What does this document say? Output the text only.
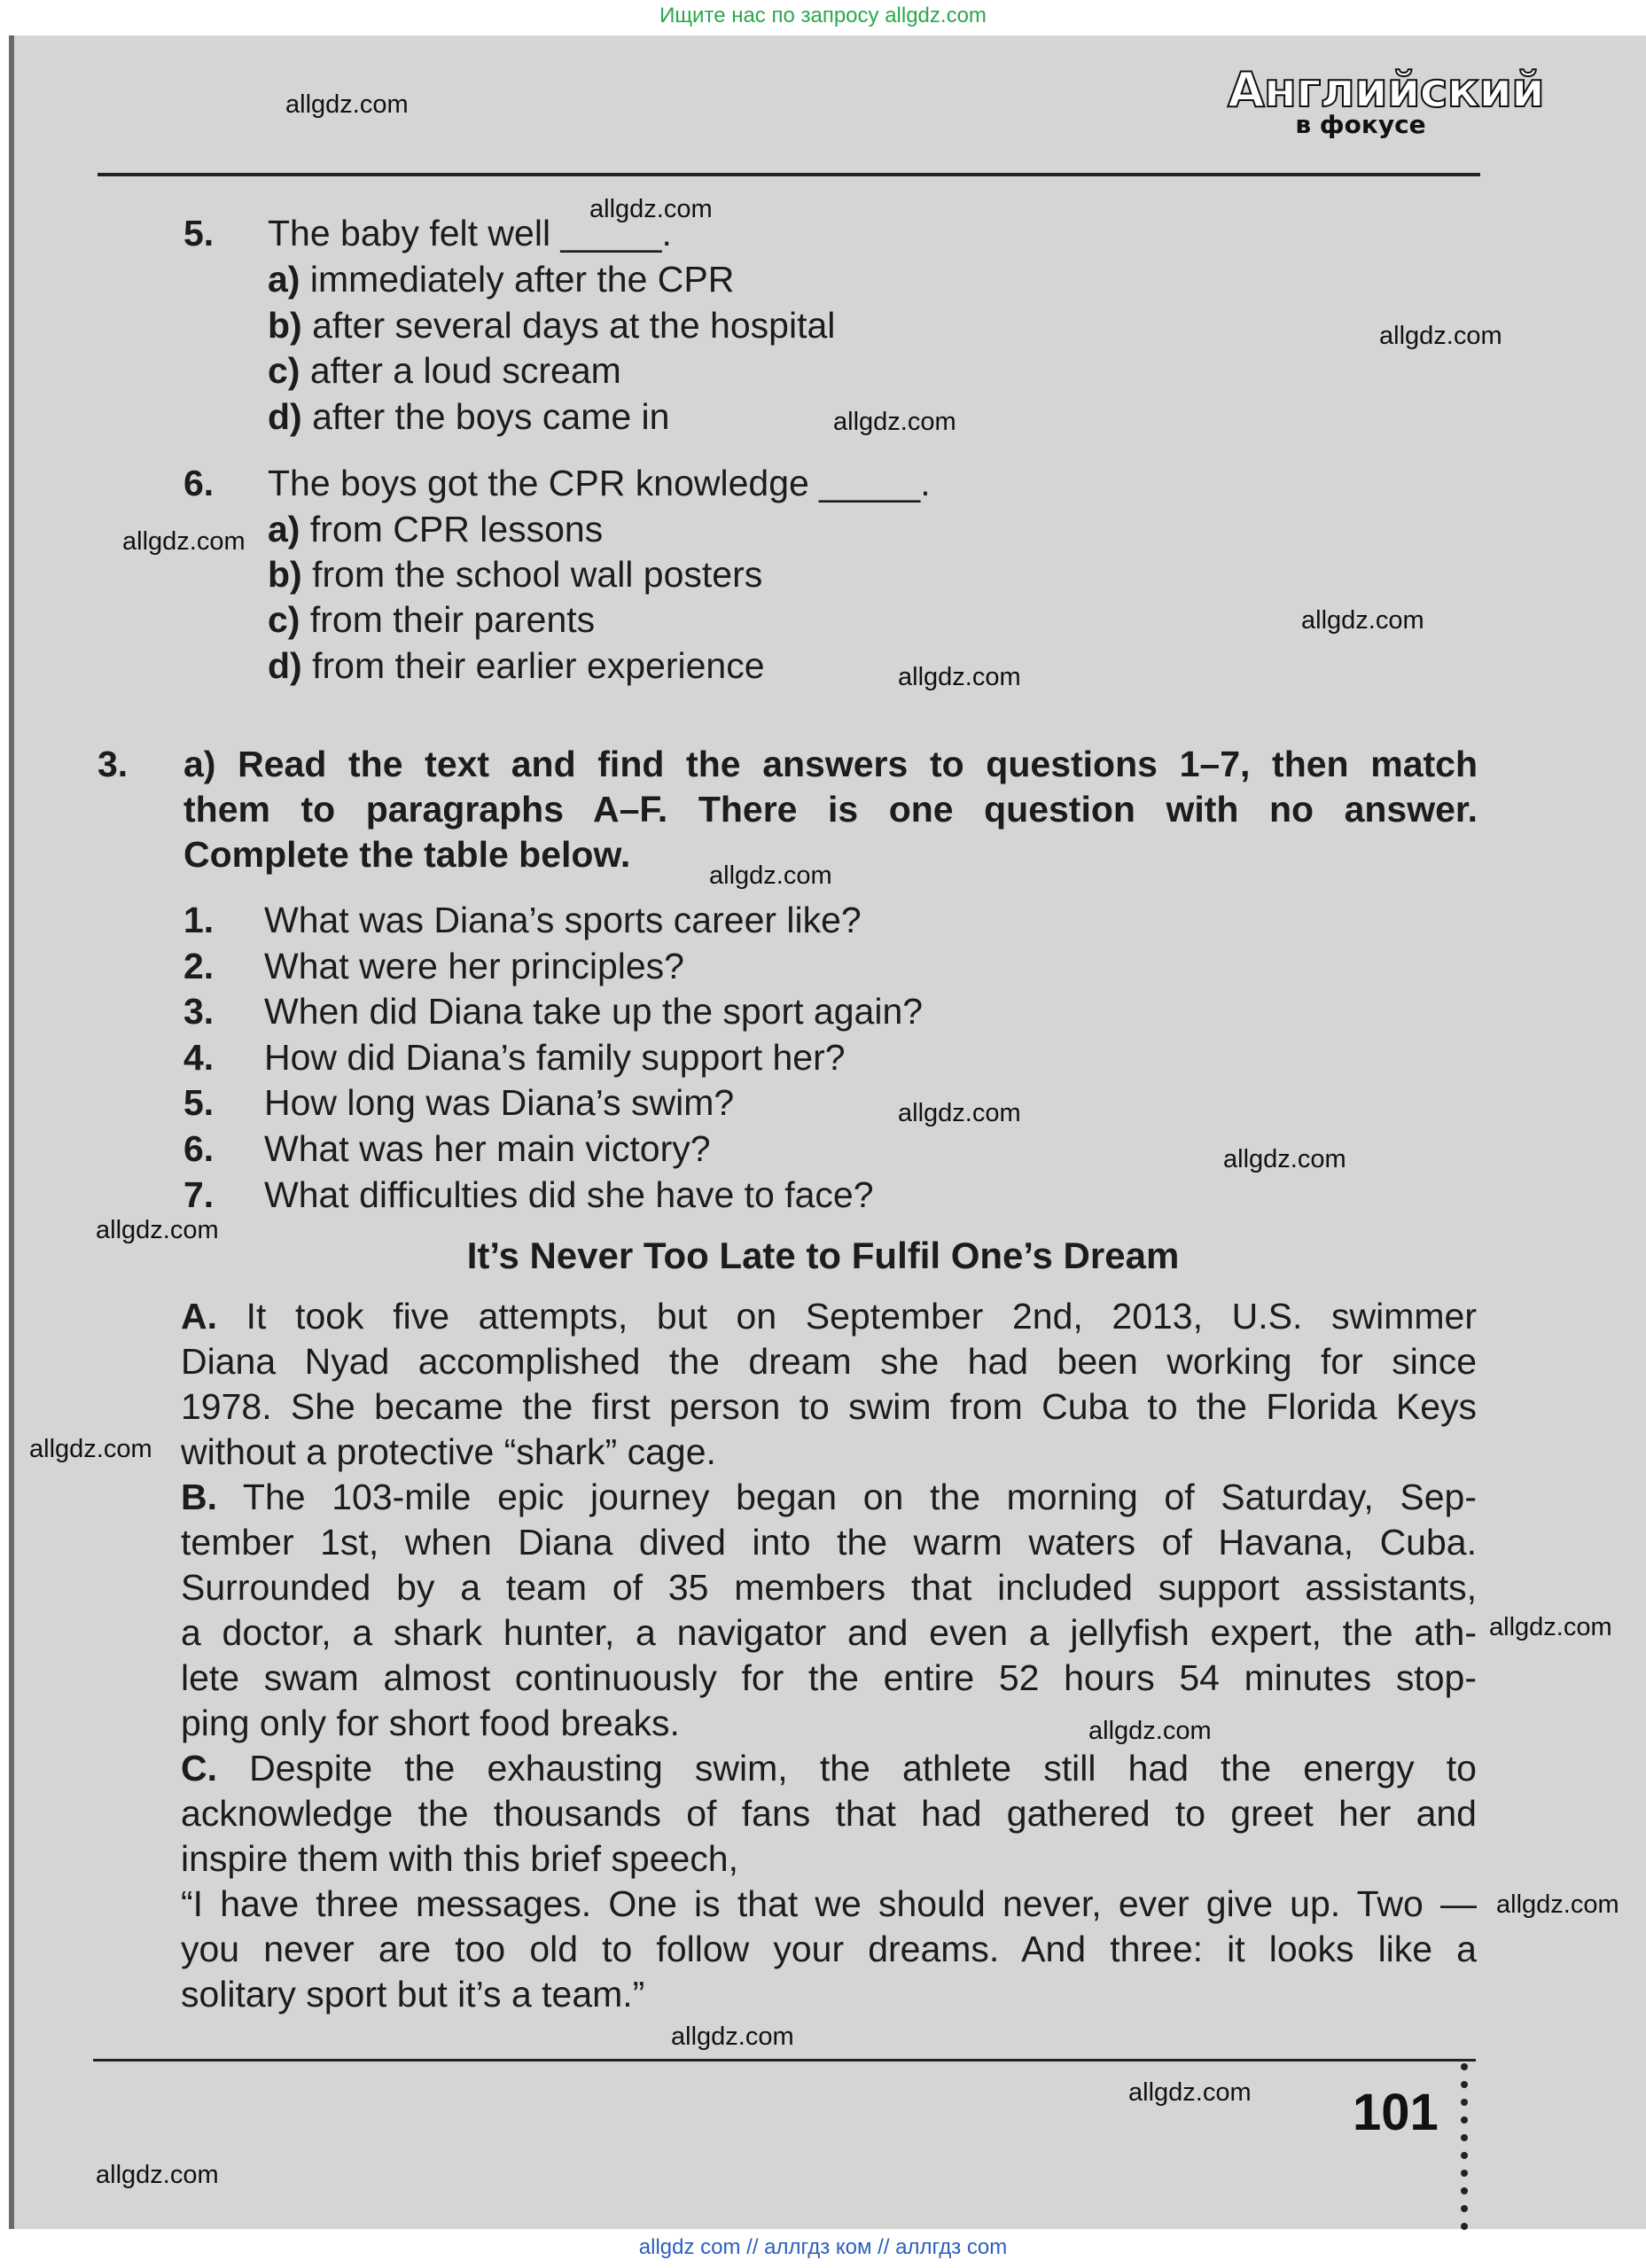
Ищите нас по запросу allgdz.com
Английский
в фокусе
5. The baby felt well _____.
a) immediately after the CPR
b) after several days at the hospital
c) after a loud scream
d) after the boys came in
6. The boys got the CPR knowledge _____.
a) from CPR lessons
b) from the school wall posters
c) from their parents
d) from their earlier experience
3. a) Read the text and find the answers to questions 1–7, then match
them to paragraphs A–F. There is one question with no answer.
Complete the table below.
1. What was Diana’s sports career like?
2. What were her principles?
3. When did Diana take up the sport again?
4. How did Diana’s family support her?
5. How long was Diana’s swim?
6. What was her main victory?
7. What difficulties did she have to face?
It’s Never Too Late to Fulfil One’s Dream
A. It took five attempts, but on September 2nd, 2013, U.S. swimmer
Diana Nyad accomplished the dream she had been working for since
1978. She became the first person to swim from Cuba to the Florida Keys
without a protective “shark” cage.
B. The 103-mile epic journey began on the morning of Saturday, Sep-
tember 1st, when Diana dived into the warm waters of Havana, Cuba.
Surrounded by a team of 35 members that included support assistants,
a doctor, a shark hunter, a navigator and even a jellyfish expert, the ath-
lete swam almost continuously for the entire 52 hours 54 minutes stop-
ping only for short food breaks.
C. Despite the exhausting swim, the athlete still had the energy to
acknowledge the thousands of fans that had gathered to greet her and
inspire them with this brief speech,
“I have three messages. One is that we should never, ever give up. Two —
you never are too old to follow your dreams. And three: it looks like a
solitary sport but it’s a team.”
101
allgdz.com
allgdz.com
allgdz.com
allgdz.com
allgdz.com
allgdz.com
allgdz.com
allgdz.com
allgdz.com
allgdz.com
allgdz.com
allgdz.com
allgdz.com
allgdz.com
allgdz.com
allgdz.com
allgdz.com
allgdz.com
allgdz com // аллгдз ком // аллгдз com
